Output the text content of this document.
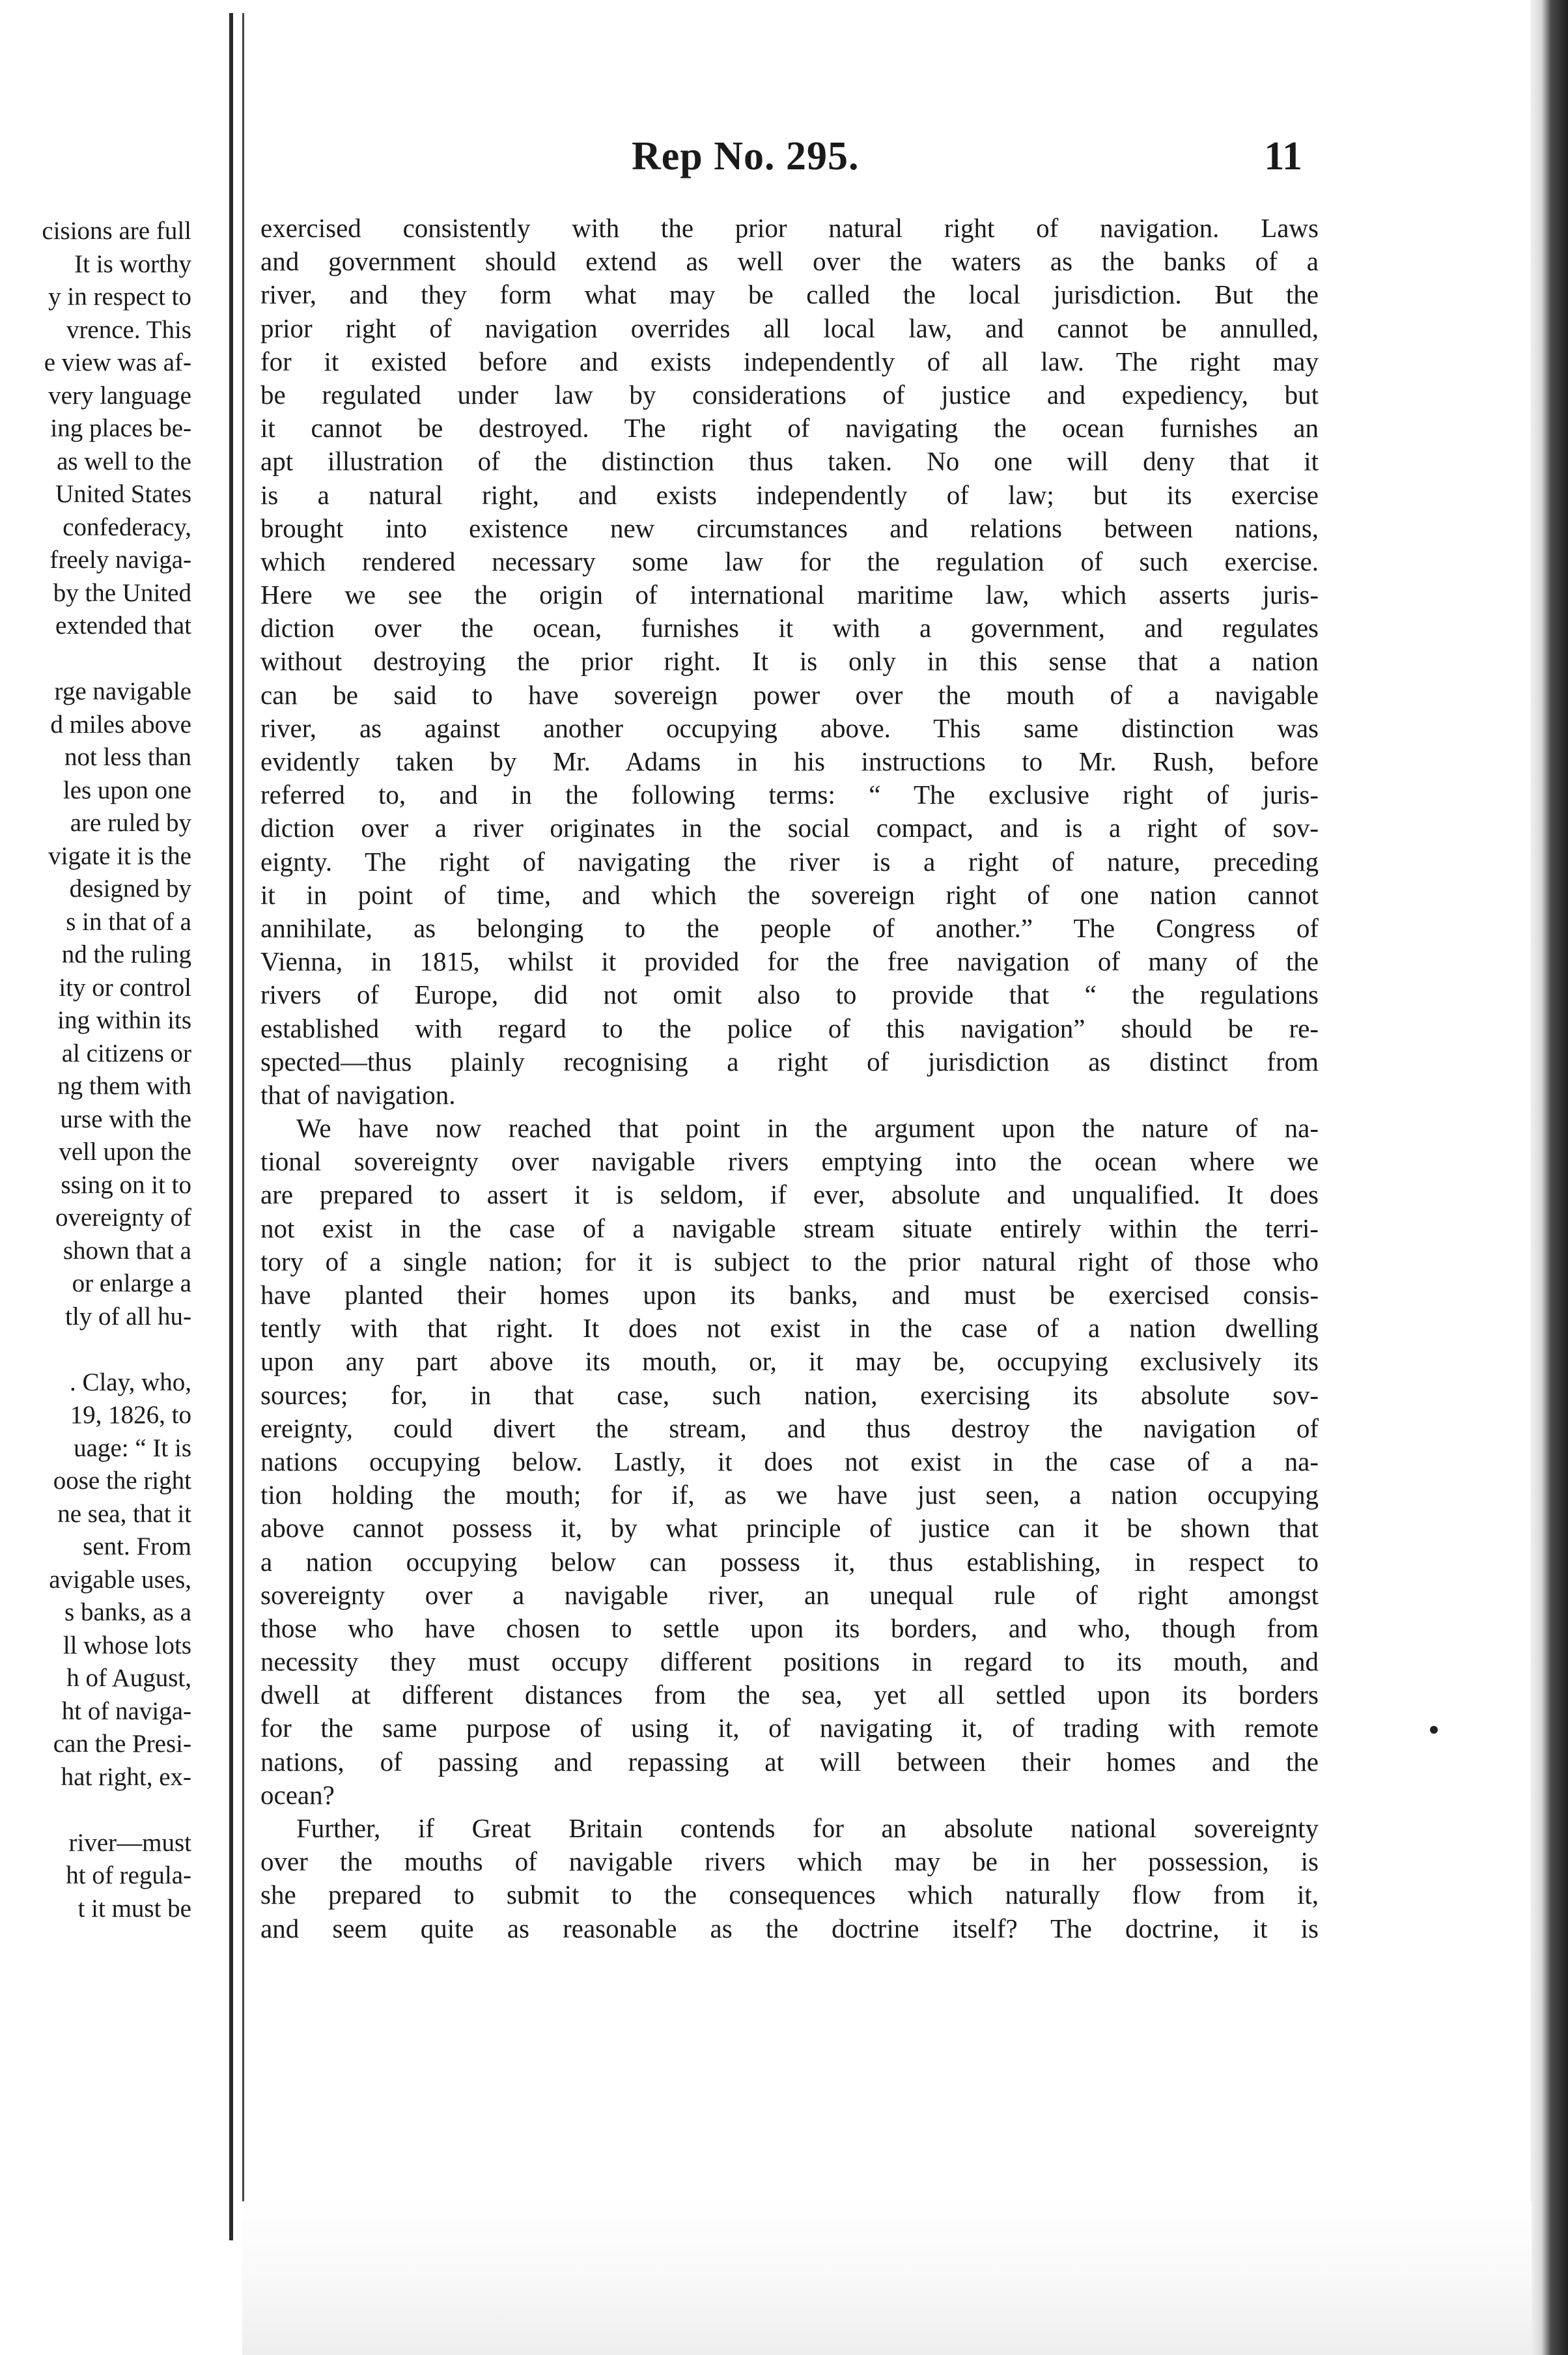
cisions are full
It is worthy
y in respect to
vrence. This
e view was af-
very language
ing places be-
as well to the
United States
confederacy,
freely naviga-
by the United
extended that
rge navigable
d miles above
not less than
les upon one
are ruled by
vigate it is the
designed by
s in that of a
nd the ruling
ity or control
ing within its
al citizens or
ng them with
urse with the
vell upon the
ssing on it to
overeignty of
shown that a
or enlarge a
tly of all hu-
. Clay, who,
19, 1826, to
uage: “ It is
oose the right
ne sea, that it
sent. From
avigable uses,
s banks, as a
ll whose lots
h of August,
ht of naviga-
can the Presi-
hat right, ex-
river—must
ht of regula-
t it must be
Rep No. 295.	11
exercised consistently with the prior natural right of navigation. Laws
and government should extend as well over the waters as the banks of a
river, and they form what may be called the local jurisdiction. But the
prior right of navigation overrides all local law, and cannot be annulled,
for it existed before and exists independently of all law. The right may
be regulated under law by considerations of justice and expediency, but
it cannot be destroyed. The right of navigating the ocean furnishes an
apt illustration of the distinction thus taken. No one will deny that it
is a natural right, and exists independently of law; but its exercise
brought into existence new circumstances and relations between nations,
which rendered necessary some law for the regulation of such exercise.
Here we see the origin of international maritime law, which asserts juris-
diction over the ocean, furnishes it with a government, and regulates
without destroying the prior right. It is only in this sense that a nation
can be said to have sovereign power over the mouth of a navigable
river, as against another occupying above. This same distinction was
evidently taken by Mr. Adams in his instructions to Mr. Rush, before
referred to, and in the following terms: “ The exclusive right of juris-
diction over a river originates in the social compact, and is a right of sov-
eignty. The right of navigating the river is a right of nature, preceding
it in point of time, and which the sovereign right of one nation cannot
annihilate, as belonging to the people of another.” The Congress of
Vienna, in 1815, whilst it provided for the free navigation of many of the
rivers of Europe, did not omit also to provide that “ the regulations
established with regard to the police of this navigation” should be re-
spected—thus plainly recognising a right of jurisdiction as distinct from
that of navigation.
We have now reached that point in the argument upon the nature of na-
tional sovereignty over navigable rivers emptying into the ocean where we
are prepared to assert it is seldom, if ever, absolute and unqualified. It does
not exist in the case of a navigable stream situate entirely within the terri-
tory of a single nation; for it is subject to the prior natural right of those who
have planted their homes upon its banks, and must be exercised consis-
tently with that right. It does not exist in the case of a nation dwelling
upon any part above its mouth, or, it may be, occupying exclusively its
sources; for, in that case, such nation, exercising its absolute sov-
ereignty, could divert the stream, and thus destroy the navigation of
nations occupying below. Lastly, it does not exist in the case of a na-
tion holding the mouth; for if, as we have just seen, a nation occupying
above cannot possess it, by what principle of justice can it be shown that
a nation occupying below can possess it, thus establishing, in respect to
sovereignty over a navigable river, an unequal rule of right amongst
those who have chosen to settle upon its borders, and who, though from
necessity they must occupy different positions in regard to its mouth, and
dwell at different distances from the sea, yet all settled upon its borders
for the same purpose of using it, of navigating it, of trading with remote
nations, of passing and repassing at will between their homes and the
ocean?
Further, if Great Britain contends for an absolute national sovereignty
over the mouths of navigable rivers which may be in her possession, is
she prepared to submit to the consequences which naturally flow from it,
and seem quite as reasonable as the doctrine itself? The doctrine, it is
